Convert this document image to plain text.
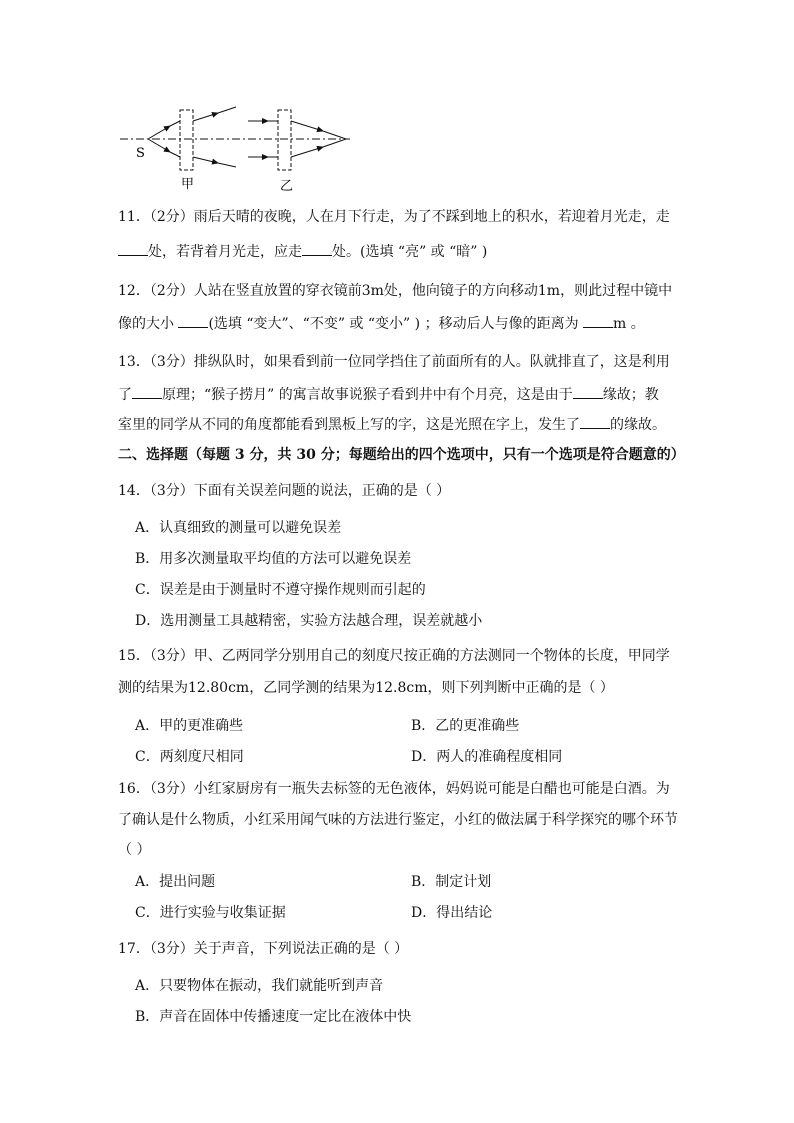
S
甲	乙
11．（2分）雨后天晴的夜晚，人在月下行走，为了不踩到地上的积水，若迎着月光走，走
处，若背着月光走，应走 处。(选填 “亮” 或 “暗” )
12．（2分）人站在竖直放置的穿衣镜前3m处，他向镜子的方向移动1m，则此过程中镜中
像的大小 (选填 “变大”、“不变” 或 “变小” ) ；移动后人与像的距离为 m 。
13．（3分）排纵队时，如果看到前一位同学挡住了前面所有的人。队就排直了，这是利用
了 原理；“猴子捞月” 的寓言故事说猴子看到井中有个月亮，这是由于 缘故；教
室里的同学从不同的角度都能看到黑板上写的字，这是光照在字上，发生了 的缘故。
二、选择题（每题 3 分，共 30 分；每题给出的四个选项中，只有一个选项是符合题意的）
14．（3分）下面有关误差问题的说法，正确的是（ ）
A．认真细致的测量可以避免误差
B．用多次测量取平均值的方法可以避免误差
C．误差是由于测量时不遵守操作规则而引起的
D．选用测量工具越精密，实验方法越合理，误差就越小
15．（3分）甲、乙两同学分别用自己的刻度尺按正确的方法测同一个物体的长度，甲同学
测的结果为12.80cm，乙同学测的结果为12.8cm，则下列判断中正确的是（ ）
A．甲的更准确些	B．乙的更准确些
C．两刻度尺相同	D．两人的准确程度相同
16．（3分）小红家厨房有一瓶失去标签的无色液体，妈妈说可能是白醋也可能是白酒。为
了确认是什么物质，小红采用闻气味的方法进行鉴定，小红的做法属于科学探究的哪个环节
（ ）
A．提出问题	B．制定计划
C．进行实验与收集证据	D．得出结论
17．（3分）关于声音，下列说法正确的是（ ）
A．只要物体在振动，我们就能听到声音
B．声音在固体中传播速度一定比在液体中快
